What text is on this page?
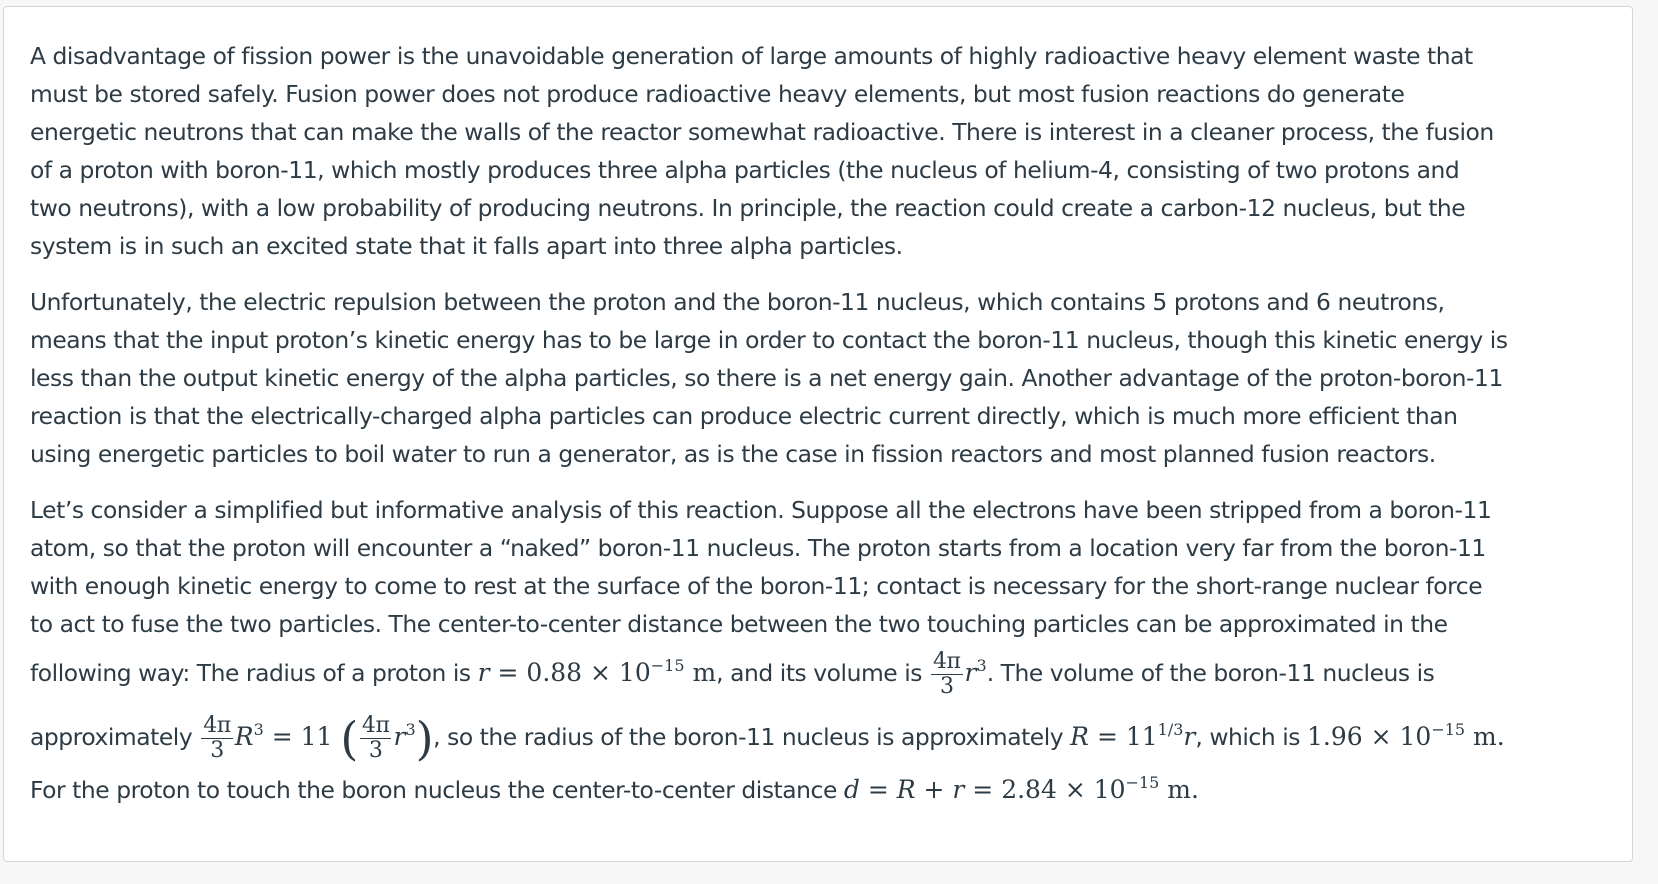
A disadvantage of fission power is the unavoidable generation of large amounts of highly radioactive heavy element waste that
must be stored safely. Fusion power does not produce radioactive heavy elements, but most fusion reactions do generate
energetic neutrons that can make the walls of the reactor somewhat radioactive. There is interest in a cleaner process, the fusion
of a proton with boron-11, which mostly produces three alpha particles (the nucleus of helium-4, consisting of two protons and
two neutrons), with a low probability of producing neutrons. In principle, the reaction could create a carbon-12 nucleus, but the
system is in such an excited state that it falls apart into three alpha particles.

Unfortunately, the electric repulsion between the proton and the boron-11 nucleus, which contains 5 protons and 6 neutrons,
means that the input proton’s kinetic energy has to be large in order to contact the boron-11 nucleus, though this kinetic energy is
less than the output kinetic energy of the alpha particles, so there is a net energy gain. Another advantage of the proton-boron-11
reaction is that the electrically-charged alpha particles can produce electric current directly, which is much more efficient than
using energetic particles to boil water to run a generator, as is the case in fission reactors and most planned fusion reactors.

Let’s consider a simplified but informative analysis of this reaction. Suppose all the electrons have been stripped from a boron-11
atom, so that the proton will encounter a “naked” boron-11 nucleus. The proton starts from a location very far from the boron-11
with enough kinetic energy to come to rest at the surface of the boron-11; contact is necessary for the short-range nuclear force
to act to fuse the two particles. The center-to-center distance between the two touching particles can be approximated in the
following way: The radius of a proton is $r = 0.88 \times 10^{-15}$ m, and its volume is $\frac{4\pi}{3} r^3$. The volume of the boron-11 nucleus is
approximately $\frac{4\pi}{3} R^3 = 11$ ( $\frac{4\pi}{3} r^3$), so the radius of the boron-11 nucleus is approximately $R = 11^{1/3}r$, which is $1.96 \times 10^{-15}$ m.
For the proton to touch the boron nucleus the center-to-center distance $d = R + r = 2.84 \times 10^{-15}$ m.
